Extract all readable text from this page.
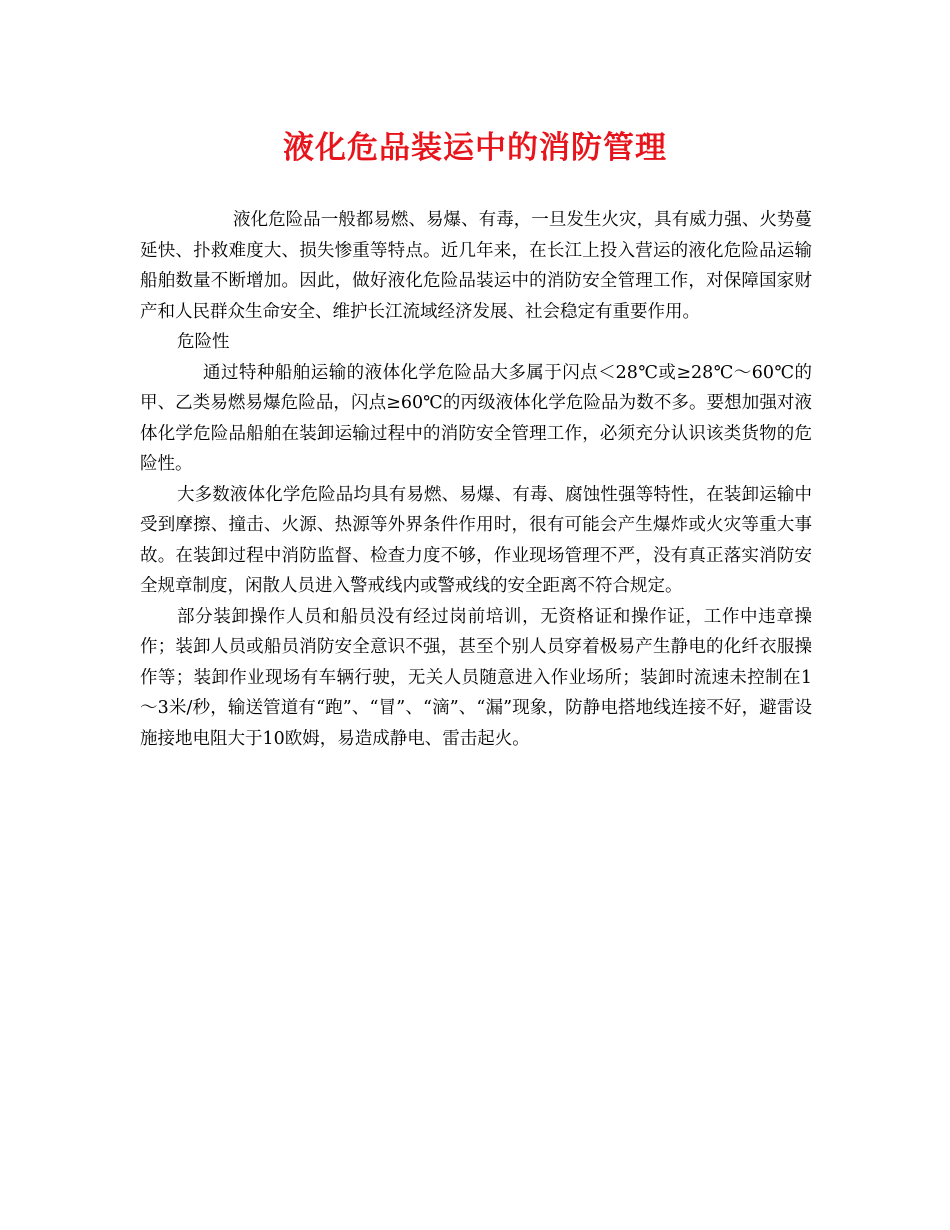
液化危品装运中的消防管理

液化危险品一般都易燃、易爆、有毒，一旦发生火灾，具有威力强、火势蔓延快、扑救难度大、损失惨重等特点。近几年来，在长江上投入营运的液化危险品运输船舶数量不断增加。因此，做好液化危险品装运中的消防安全管理工作，对保障国家财产和人民群众生命安全、维护长江流域经济发展、社会稳定有重要作用。

危险性

通过特种船舶运输的液体化学危险品大多属于闪点＜28℃或≥28℃～60℃的甲、乙类易燃易爆危险品，闪点≥60℃的丙级液体化学危险品为数不多。要想加强对液体化学危险品船舶在装卸运输过程中的消防安全管理工作，必须充分认识该类货物的危险性。

大多数液体化学危险品均具有易燃、易爆、有毒、腐蚀性强等特性，在装卸运输中受到摩擦、撞击、火源、热源等外界条件作用时，很有可能会产生爆炸或火灾等重大事故。在装卸过程中消防监督、检查力度不够，作业现场管理不严，没有真正落实消防安全规章制度，闲散人员进入警戒线内或警戒线的安全距离不符合规定。

部分装卸操作人员和船员没有经过岗前培训，无资格证和操作证，工作中违章操作；装卸人员或船员消防安全意识不强，甚至个别人员穿着极易产生静电的化纤衣服操作等；装卸作业现场有车辆行驶，无关人员随意进入作业场所；装卸时流速未控制在1～3米/秒，输送管道有“跑”、“冒”、“滴”、“漏”现象，防静电搭地线连接不好，避雷设施接地电阻大于10欧姆，易造成静电、雷击起火。
